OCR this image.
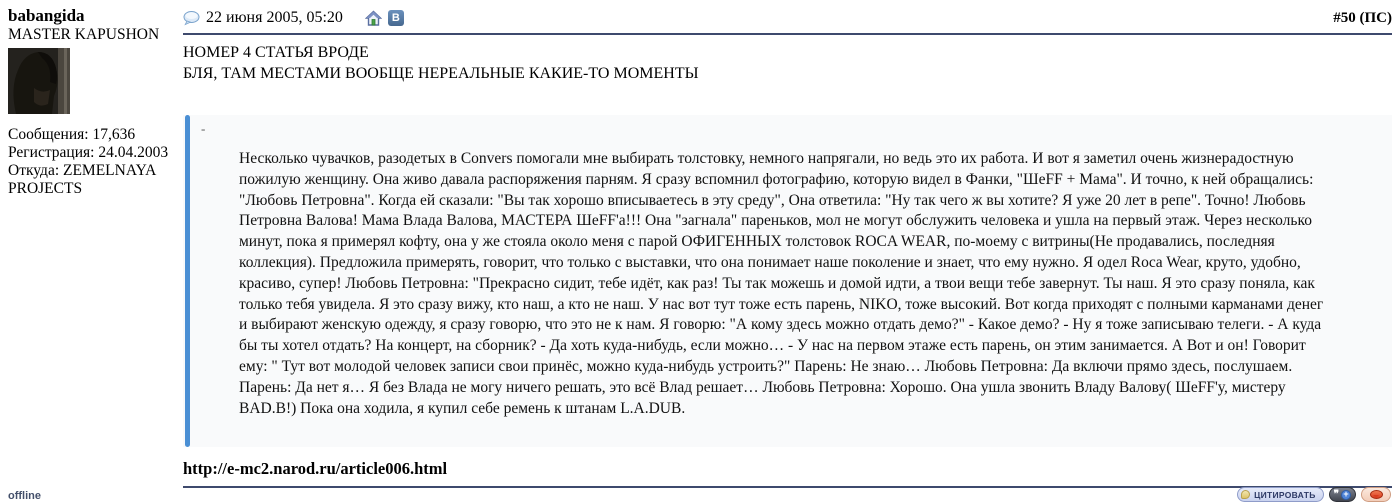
babangida
MASTER KAPUSHON
Сообщения: 17,636
Регистрация: 24.04.2003
Откуда: ZEMELNAYA PROJECTS
offline
22 июня 2005, 05:20	В	#50 (ПС)
НОМЕР 4 СТАТЬЯ ВРОДЕ
БЛЯ, ТАМ МЕСТАМИ ВООБЩЕ НЕРЕАЛЬНЫЕ КАКИЕ-ТО МОМЕНТЫ
-
Несколько чувачков, разодетых в Convers помогали мне выбирать толстовку, немного напрягали, но ведь это их работа. И вот я заметил очень жизнерадостную пожилую женщину. Она живо давала распоряжения парням. Я сразу вспомнил фотографию, которую видел в Фанки, "ШеFF + Мама". И точно, к ней обращались: "Любовь Петровна". Когда ей сказали: "Вы так хорошо вписываетесь в эту среду", Она ответила: "Ну так чего ж вы хотите? Я уже 20 лет в репе". Точно! Любовь Петровна Валова! Мама Влада Валова, МАСТЕРА ШеFF'а!!! Она "загнала" пареньков, мол не могут обслужить человека и ушла на первый этаж. Через несколько минут, пока я примерял кофту, она у же стояла около меня с парой ОФИГЕННЫХ толстовок ROCA WEAR, по-моему с витрины(Не продавались, последняя коллекция). Предложила примерять, говорит, что только с выставки, что она понимает наше поколение и знает, что ему нужно. Я одел Roca Wear, круто, удобно, красиво, супер! Любовь Петровна: "Прекрасно сидит, тебе идёт, как раз! Ты так можешь и домой идти, а твои вещи тебе завернут. Ты наш. Я это сразу поняла, как только тебя увидела. Я это сразу вижу, кто наш, а кто не наш. У нас вот тут тоже есть парень, NIKO, тоже высокий. Вот когда приходят с полными карманами денег и выбирают женскую одежду, я сразу говорю, что это не к нам. Я говорю: "А кому здесь можно отдать демо?" - Какое демо? - Ну я тоже записываю телеги. - А куда бы ты хотел отдать? На концерт, на сборник? - Да хоть куда-нибудь, если можно… - У нас на первом этаже есть парень, он этим занимается. А Вот и он! Говорит ему: " Тут вот молодой человек записи свои принёс, можно куда-нибудь устроить?" Парень: Не знаю… Любовь Петровна: Да включи прямо здесь, послушаем. Парень: Да нет я… Я без Влада не могу ничего решать, это всё Влад решает… Любовь Петровна: Хорошо. Она ушла звонить Владу Валову( ШеFF'у, мистеру BAD.B!) Пока она ходила, я купил себе ремень к штанам L.A.DUB.
http://e-mc2.narod.ru/article006.html
ЦИТИРОВАТЬ ❞ +
